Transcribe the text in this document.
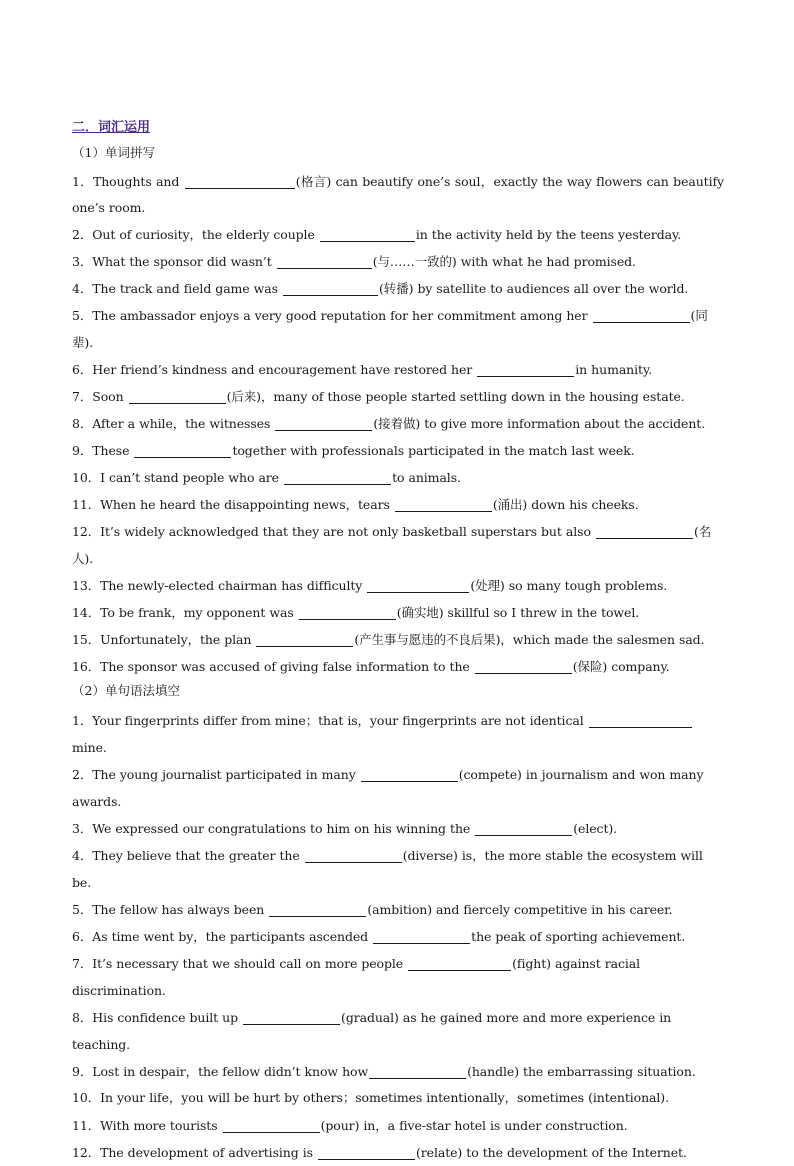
二．词汇运用
（1）单词拼写
1．Thoughts and	(格言) can beautify one’s soul，exactly the way flowers can beautify one’s room.
2．Out of curiosity，the elderly couple	in the activity held by the teens yesterday.
3．What the sponsor did wasn’t	(与……一致的) with what he had promised.
4．The track and field game was	(转播) by satellite to audiences all over the world.
5．The ambassador enjoys a very good reputation for her commitment among her	(同辈).
6．Her friend’s kindness and encouragement have restored her	in humanity.
7．Soon	(后来)，many of those people started settling down in the housing estate.
8．After a while，the witnesses	(接着做) to give more information about the accident.
9．These	together with professionals participated in the match last week.
10．I can’t stand people who are	to animals.
11．When he heard the disappointing news，tears	(涌出) down his cheeks.
12．It’s widely acknowledged that they are not only basketball superstars but also	(名人).
13．The newly-elected chairman has difficulty	(处理) so many tough problems.
14．To be frank，my opponent was	(确实地) skillful so I threw in the towel.
15．Unfortunately，the plan	(产生事与愿违的不良后果)，which made the salesmen sad.
16．The sponsor was accused of giving false information to the	(保险) company.
（2）单句语法填空
1．Your fingerprints differ from mine；that is，your fingerprints are not identical mine.
2．The young journalist participated in many	(compete) in journalism and won many awards.
3．We expressed our congratulations to him on his winning the	(elect).
4．They believe that the greater the	(diverse) is，the more stable the ecosystem will be.
5．The fellow has always been	(ambition) and fiercely competitive in his career.
6．As time went by，the participants ascended	the peak of sporting achievement.
7．It’s necessary that we should call on more people	(fight) against racial discrimination.
8．His confidence built up	(gradual) as he gained more and more experience in teaching.
9．Lost in despair，the fellow didn’t know how	(handle) the embarrassing situation.
10．In your life，you will be hurt by others；sometimes intentionally，sometimes (intentional).
11．With more tourists	(pour) in，a five-star hotel is under construction.
12．The development of advertising is	(relate) to the development of the Internet.
